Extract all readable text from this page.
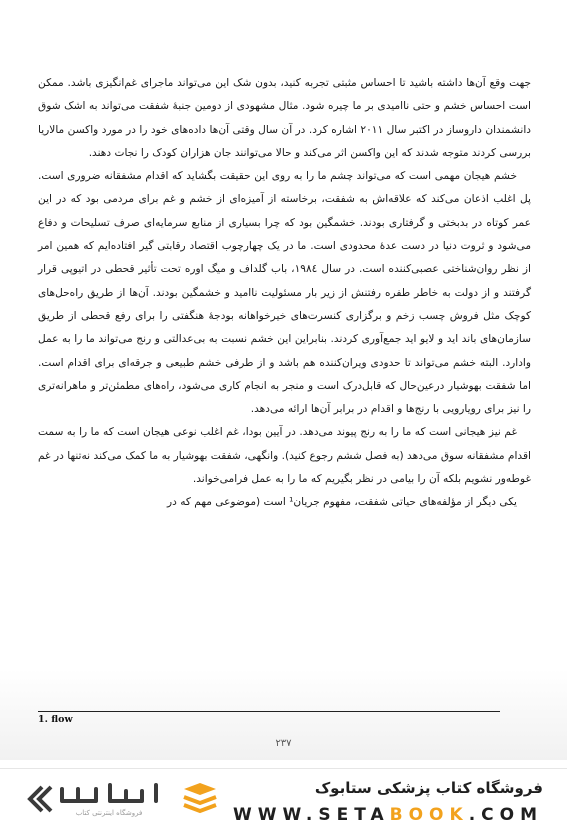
جهت وقع آن‌ها داشته باشید تا احساس مثبتی تجربه کنید، بدون شک این می‌تواند ماجرای غم‌انگیزی باشد. ممکن است احساس خشم و حتی ناامیدی بر ما چیره شود. مثال مشهودی از دومین جنبهٔ شفقت می‌تواند به اشک شوق دانشمندان داروساز در اکتبر سال ۲۰۱۱ اشاره کرد. در آن سال وقتی آن‌ها داده‌های خود را در مورد واکسن مالاریا بررسی کردند متوجه شدند که این واکسن اثر می‌کند و حالا می‌توانند جان هزاران کودک را نجات دهند.

خشم هیجان مهمی است که می‌تواند چشم ما را به روی این حقیقت بگشاید که اقدام مشفقانه ضروری است. پل اغلب اذعان می‌کند که علاقه‌اش به شفقت، برخاسته از آمیزه‌ای از خشم و غم برای مردمی بود که در این عمر کوتاه در بدبختی و گرفتاری بودند. خشمگین بود که چرا بسیاری از منابع سرمایه‌ای صرف تسلیحات و دفاع می‌شود و ثروت دنیا در دست عدهٔ محدودی است. ما در یک چهارچوب اقتصاد رقابتی گیر افتاده‌ایم که همین امر از نظر روان‌شناختی عصبی‌کننده است. در سال ۱۹۸٤، باب گلداف و میگ اوره تحت تأثیر قحطی در اتیوپی قرار گرفتند و از دولت به خاطر طفره رفتنش از زیر بار مسئولیت ناامید و خشمگین بودند. آن‌ها از طریق راه‌حل‌های کوچک مثل فروش چسب زخم و برگزاری کنسرت‌های خیرخواهانه بودجهٔ هنگفتی را برای رفع قحطی از طریق سازمان‌های باند اید و لایو اید جمع‌آوری کردند. بنابراین این خشم نسبت به بی‌عدالتی و رنج می‌تواند ما را به عمل وادارد. البته خشم می‌تواند تا حدودی ویران‌کننده هم باشد و از طرفی خشم طبیعی و جرقه‌ای برای اقدام است. اما شفقت بهوشیار درعین‌حال که قابل‌درک است و منجر به انجام کاری می‌شود، راه‌های مطمئن‌تر و ماهرانه‌تری را نیز برای رویارویی با رنج‌ها و اقدام در برابر آن‌ها ارائه می‌دهد.

غم نیز هیجانی است که ما را به رنج پیوند می‌دهد. در آیین بودا، غم اغلب نوعی هیجان است که ما را به سمت اقدام مشفقانه سوق می‌دهد (به فصل ششم رجوع کنید). وانگهی، شفقت بهوشیار به ما کمک می‌کند نه‌تنها در غم غوطه‌ور نشویم بلکه آن را بیامی در نظر بگیریم که ما را به عمل فرامی‌خواند.

یکی دیگر از مؤلفه‌های حیاتی شفقت، مفهوم جریان¹ است (موضوعی مهم که در

1. flow
۲۳۷
فروشگاه اینترنتی کتاب
فروشگاه کتاب پزشکی ستابوک
WWW.SETABOOK.COM
